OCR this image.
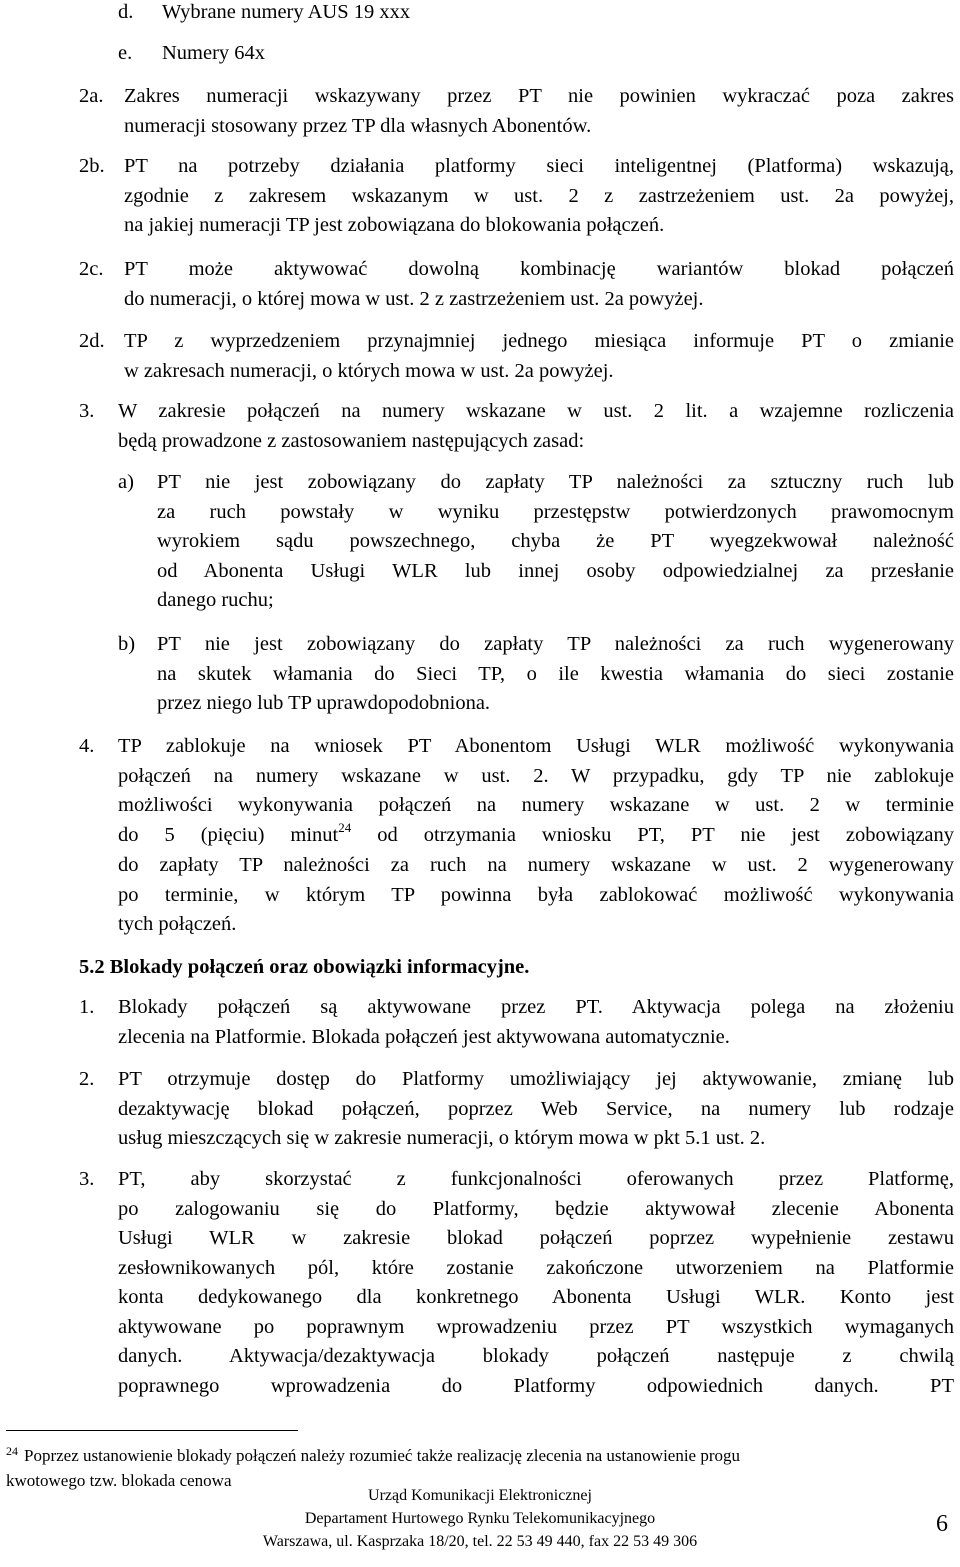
d. Wybrane numery AUS 19 xxx
e. Numery 64x
2a. Zakres numeracji wskazywany przez PT nie powinien wykraczać poza zakres
numeracji stosowany przez TP dla własnych Abonentów.
2b. PT na potrzeby działania platformy sieci inteligentnej (Platforma) wskazują,
zgodnie z zakresem wskazanym w ust. 2 z zastrzeżeniem ust. 2a powyżej,
na jakiej numeracji TP jest zobowiązana do blokowania połączeń.
2c. PT może aktywować dowolną kombinację wariantów blokad połączeń
do numeracji, o której mowa w ust. 2 z zastrzeżeniem ust. 2a powyżej.
2d. TP z wyprzedzeniem przynajmniej jednego miesiąca informuje PT o zmianie
w zakresach numeracji, o których mowa w ust. 2a powyżej.
3. W zakresie połączeń na numery wskazane w ust. 2 lit. a wzajemne rozliczenia
będą prowadzone z zastosowaniem następujących zasad:
a) PT nie jest zobowiązany do zapłaty TP należności za sztuczny ruch lub
za ruch powstały w wyniku przestępstw potwierdzonych prawomocnym
wyrokiem sądu powszechnego, chyba że PT wyegzekwował należność
od Abonenta Usługi WLR lub innej osoby odpowiedzialnej za przesłanie
danego ruchu;
b) PT nie jest zobowiązany do zapłaty TP należności za ruch wygenerowany
na skutek włamania do Sieci TP, o ile kwestia włamania do sieci zostanie
przez niego lub TP uprawdopodobniona.
4. TP zablokuje na wniosek PT Abonentom Usługi WLR możliwość wykonywania
połączeń na numery wskazane w ust. 2. W przypadku, gdy TP nie zablokuje
możliwości wykonywania połączeń na numery wskazane w ust. 2 w terminie
do 5 (pięciu) minut$^{24}$ od otrzymania wniosku PT, PT nie jest zobowiązany
do zapłaty TP należności za ruch na numery wskazane w ust. 2 wygenerowany
po terminie, w którym TP powinna była zablokować możliwość wykonywania
tych połączeń.
5.2 Blokady połączeń oraz obowiązki informacyjne.
1. Blokady połączeń są aktywowane przez PT. Aktywacja polega na złożeniu
zlecenia na Platformie. Blokada połączeń jest aktywowana automatycznie.
2. PT otrzymuje dostęp do Platformy umożliwiający jej aktywowanie, zmianę lub
dezaktywację blokad połączeń, poprzez Web Service, na numery lub rodzaje
usług mieszczących się w zakresie numeracji, o którym mowa w pkt 5.1 ust. 2.
3. PT, aby skorzystać z funkcjonalności oferowanych przez Platformę,
po zalogowaniu się do Platformy, będzie aktywował zlecenie Abonenta
Usługi WLR w zakresie blokad połączeń poprzez wypełnienie zestawu
zesłownikowanych pól, które zostanie zakończone utworzeniem na Platformie
konta dedykowanego dla konkretnego Abonenta Usługi WLR. Konto jest
aktywowane po poprawnym wprowadzeniu przez PT wszystkich wymaganych
danych. Aktywacja/dezaktywacja blokady połączeń następuje z chwilą
poprawnego wprowadzenia do Platformy odpowiednich danych. PT
$^{24}$ Poprzez ustanowienie blokady połączeń należy rozumieć także realizację zlecenia na ustanowienie progu
kwotowego tzw. blokada cenowa
Urząd Komunikacji Elektronicznej
Departament Hurtowego Rynku Telekomunikacyjnego
Warszawa, ul. Kasprzaka 18/20, tel. 22 53 49 440, fax 22 53 49 306
6
